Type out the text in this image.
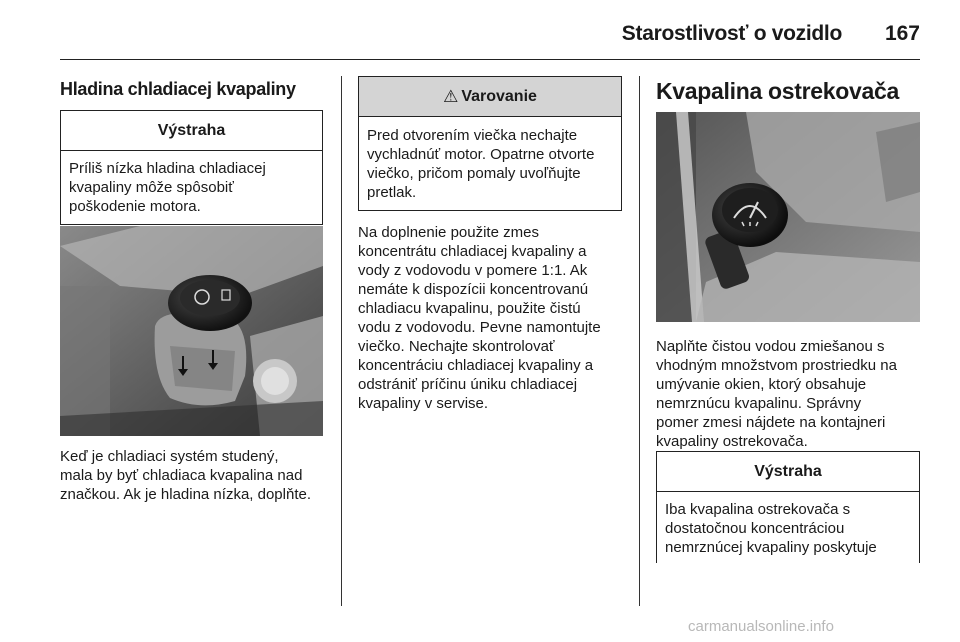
Starostlivosť o vozidlo 167
Hladina chladiacej kvapaliny
Výstraha
Príliš nízka hladina chladiacej
kvapaliny môže spôsobiť
poškodenie motora.
Keď je chladiaci systém studený,
mala by byť chladiaca kvapalina nad
značkou. Ak je hladina nízka, doplňte.
⚠ Varovanie
Pred otvorením viečka nechajte
vychladnúť motor. Opatrne otvorte
viečko, pričom pomaly uvoľňujte
pretlak.
Na doplnenie použite zmes
koncentrátu chladiacej kvapaliny a
vody z vodovodu v pomere 1:1. Ak
nemáte k dispozícii koncentrovanú
chladiacu kvapalinu, použite čistú
vodu z vodovodu. Pevne namontujte
viečko. Nechajte skontrolovať
koncentráciu chladiacej kvapaliny a
odstrániť príčinu úniku chladiacej
kvapaliny v servise.
Kvapalina ostrekovača
Naplňte čistou vodou zmiešanou s
vhodným množstvom prostriedku na
umývanie okien, ktorý obsahuje
nemrznúcu kvapalinu. Správny
pomer zmesi nájdete na kontajneri
kvapaliny ostrekovača.
Výstraha
Iba kvapalina ostrekovača s
dostatočnou koncentráciou
nemrznúcej kvapaliny poskytuje
carmanualsonline.info
